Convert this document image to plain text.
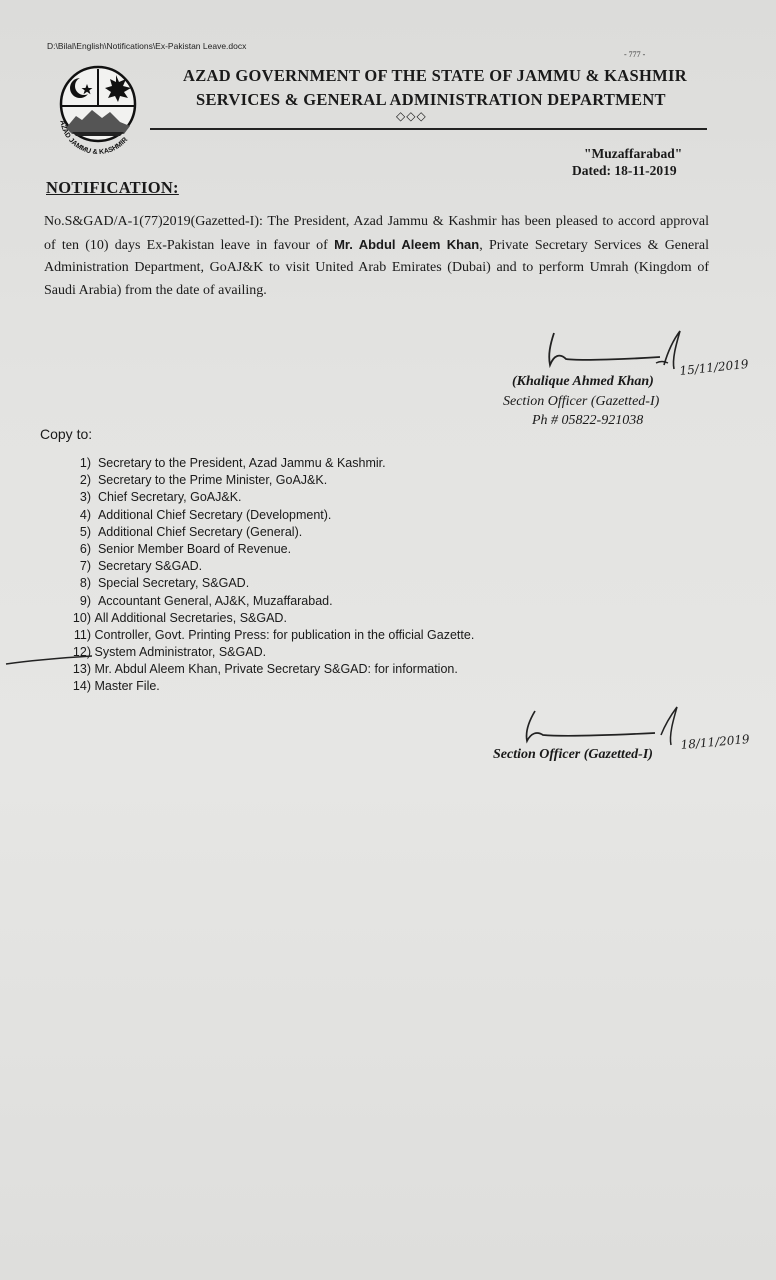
D:\Bilal\English\Notifications\Ex-Pakistan Leave.docx
- 777 -
AZAD JAMMU & KASHMIR
AZAD GOVERNMENT OF THE STATE OF JAMMU & KASHMIR
SERVICES & GENERAL ADMINISTRATION DEPARTMENT
◇◇◇
"Muzaffarabad"
Dated: 18-11-2019
NOTIFICATION:
No.S&GAD/A-1(77)2019(Gazetted-I): The President, Azad Jammu & Kashmir has been pleased to accord approval of ten (10) days Ex-Pakistan leave in favour of Mr. Abdul Aleem Khan, Private Secretary Services & General Administration Department, GoAJ&K to visit United Arab Emirates (Dubai) and to perform Umrah (Kingdom of Saudi Arabia) from the date of availing.
15/11/2019
(Khalique Ahmed Khan)
Section Officer (Gazetted-I)
Ph # 05822-921038
Copy to:
1) Secretary to the President, Azad Jammu & Kashmir.
2) Secretary to the Prime Minister, GoAJ&K.
3) Chief Secretary, GoAJ&K.
4) Additional Chief Secretary (Development).
5) Additional Chief Secretary (General).
6) Senior Member Board of Revenue.
7) Secretary S&GAD.
8) Special Secretary, S&GAD.
9) Accountant General, AJ&K, Muzaffarabad.
10) All Additional Secretaries, S&GAD.
11) Controller, Govt. Printing Press: for publication in the official Gazette.
12) System Administrator, S&GAD.
13) Mr. Abdul Aleem Khan, Private Secretary S&GAD: for information.
14) Master File.
18/11/2019
Section Officer (Gazetted-I)
